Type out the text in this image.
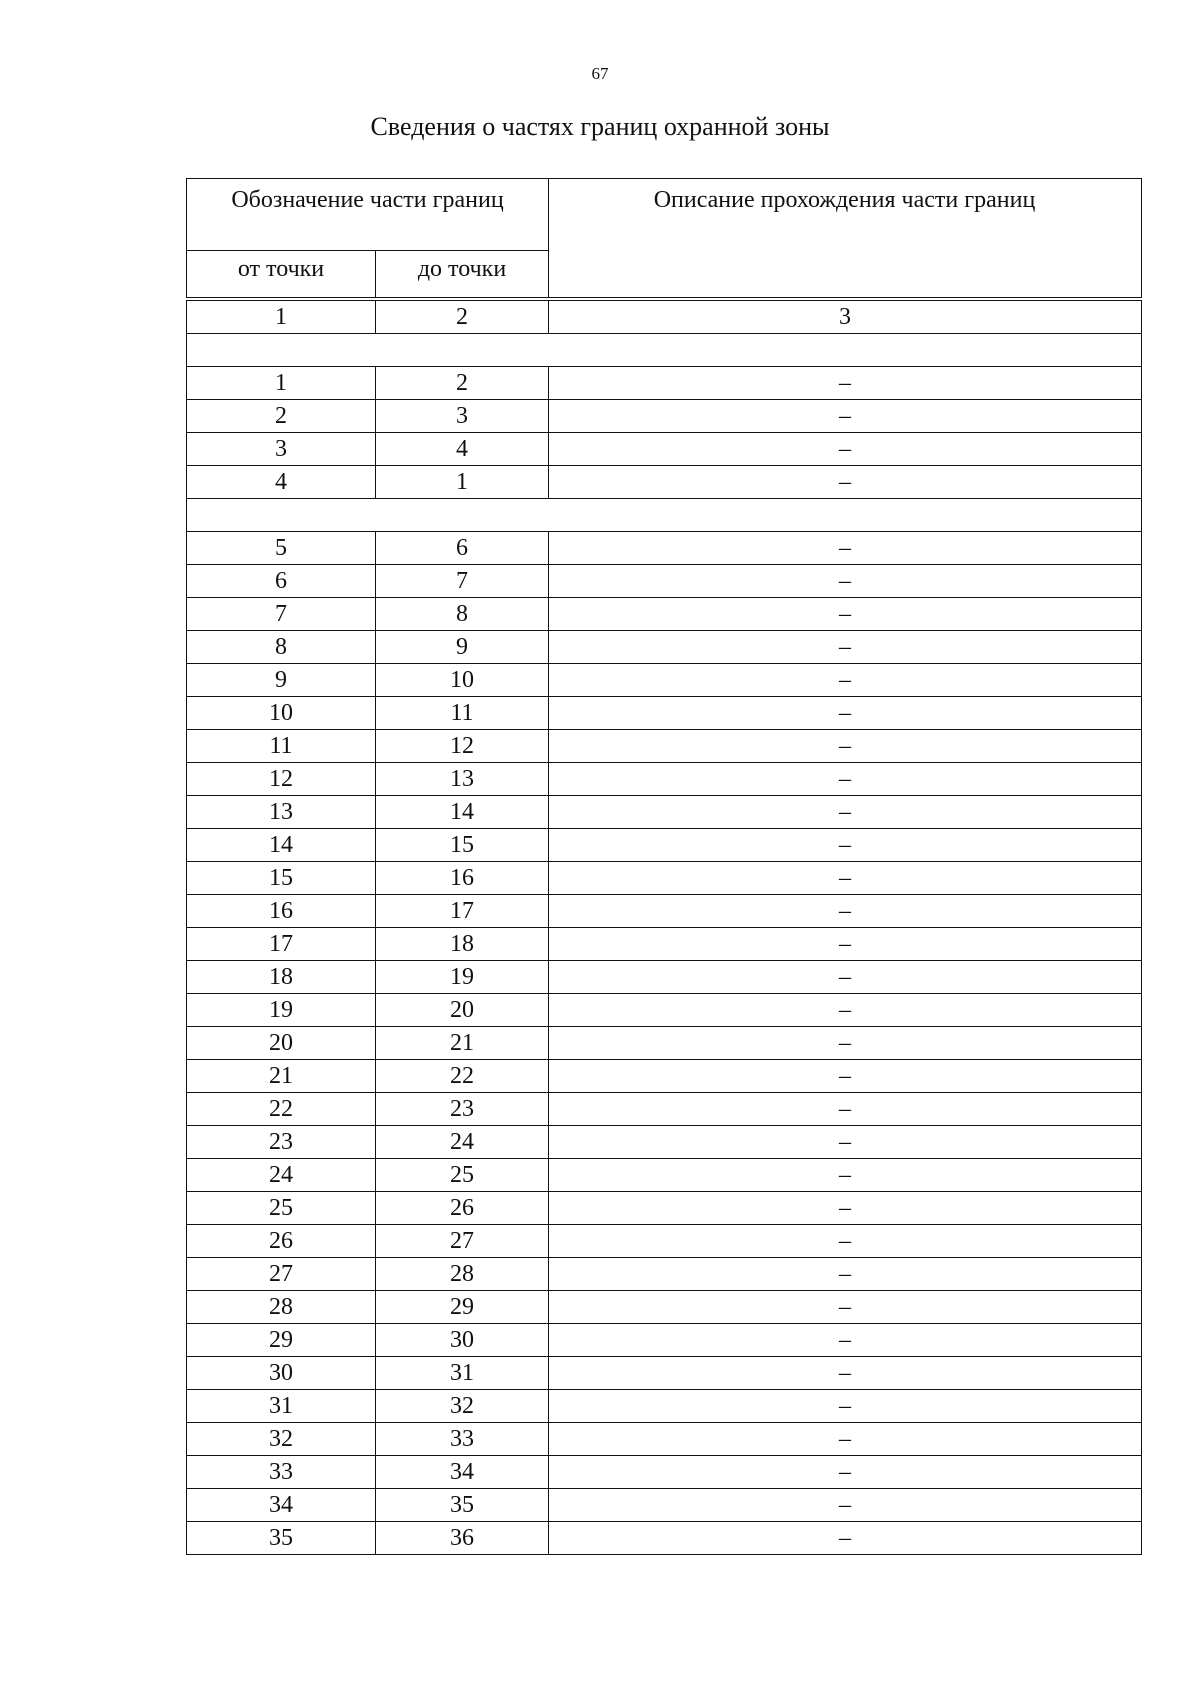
67
Сведения о частях границ охранной зоны
Обозначение части границ	Описание прохождения части границ
от точки	до точки
1	2	3

1	2	–
2	3	–
3	4	–
4	1	–

5	6	–
6	7	–
7	8	–
8	9	–
9	10	–
10	11	–
11	12	–
12	13	–
13	14	–
14	15	–
15	16	–
16	17	–
17	18	–
18	19	–
19	20	–
20	21	–
21	22	–
22	23	–
23	24	–
24	25	–
25	26	–
26	27	–
27	28	–
28	29	–
29	30	–
30	31	–
31	32	–
32	33	–
33	34	–
34	35	–
35	36	–
